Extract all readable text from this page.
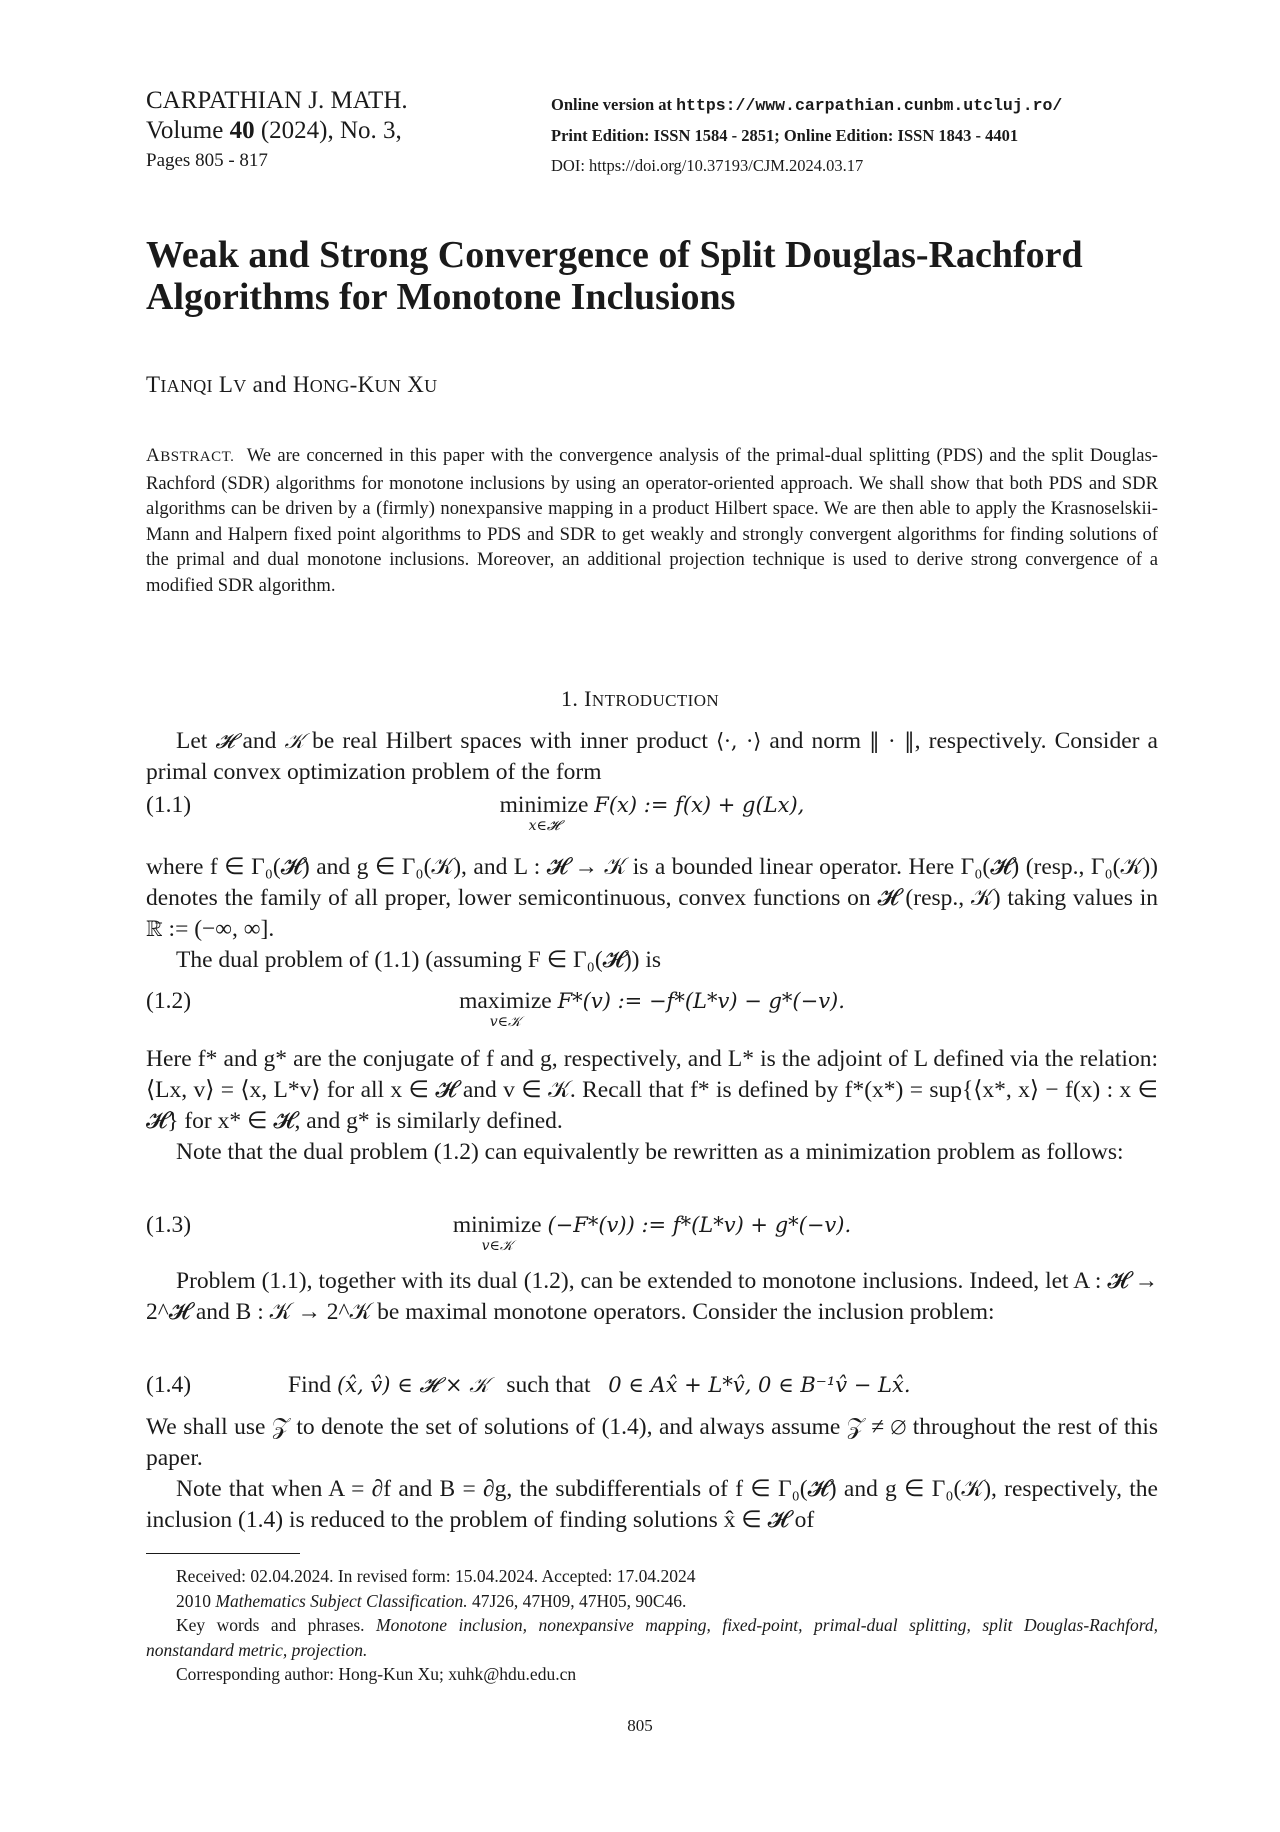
CARPATHIAN J. MATH.
Volume 40 (2024), No. 3,
Pages 805 - 817
Online version at https://www.carpathian.cunbm.utcluj.ro/
Print Edition: ISSN 1584 - 2851; Online Edition: ISSN 1843 - 4401
DOI: https://doi.org/10.37193/CJM.2024.03.17
Weak and Strong Convergence of Split Douglas-Rachford Algorithms for Monotone Inclusions
TIANQI LV and HONG-KUN XU
ABSTRACT. We are concerned in this paper with the convergence analysis of the primal-dual splitting (PDS) and the split Douglas-Rachford (SDR) algorithms for monotone inclusions by using an operator-oriented approach. We shall show that both PDS and SDR algorithms can be driven by a (firmly) nonexpansive mapping in a product Hilbert space. We are then able to apply the Krasnoselskii-Mann and Halpern fixed point algorithms to PDS and SDR to get weakly and strongly convergent algorithms for finding solutions of the primal and dual monotone inclusions. Moreover, an additional projection technique is used to derive strong convergence of a modified SDR algorithm.
1. INTRODUCTION

Let 𝓗 and 𝒦 be real Hilbert spaces with inner product ⟨·, ·⟩ and norm ‖ · ‖, respectively. Consider a primal convex optimization problem of the form

(1.1)	minimize
x∈𝓗
F(x) := f(x) + g(Lx),

where f ∈ Γ₀(𝓗) and g ∈ Γ₀(𝒦), and L : 𝓗 → 𝒦 is a bounded linear operator. Here Γ₀(𝓗) (resp., Γ₀(𝒦)) denotes the family of all proper, lower semicontinuous, convex functions on 𝓗 (resp., 𝒦) taking values in ℝ̄ := (−∞, ∞].

The dual problem of (1.1) (assuming F ∈ Γ₀(𝓗)) is

(1.2)	maximize
v∈𝒦
F*(v) := −f*(L*v) − g*(−v).

Here f* and g* are the conjugate of f and g, respectively, and L* is the adjoint of L defined via the relation: ⟨Lx, v⟩ = ⟨x, L*v⟩ for all x ∈ 𝓗 and v ∈ 𝒦. Recall that f* is defined by f*(x*) = sup{⟨x*, x⟩ − f(x) : x ∈ 𝓗} for x* ∈ 𝓗, and g* is similarly defined.

Note that the dual problem (1.2) can equivalently be rewritten as a minimization problem as follows:

(1.3)	minimize
v∈𝒦
(−F*(v)) := f*(L*v) + g*(−v).

Problem (1.1), together with its dual (1.2), can be extended to monotone inclusions. Indeed, let A : 𝓗 → 2^𝓗 and B : 𝒦 → 2^𝒦 be maximal monotone operators. Consider the inclusion problem:

(1.4)	Find (x̂, v̂) ∈ 𝓗 × 𝒦 such that 0 ∈ Ax̂ + L*v̂, 0 ∈ B⁻¹v̂ − Lx̂.

We shall use 𝒵 to denote the set of solutions of (1.4), and always assume 𝒵 ≠ ∅ throughout the rest of this paper.

Note that when A = ∂f and B = ∂g, the subdifferentials of f ∈ Γ₀(𝓗) and g ∈ Γ₀(𝒦), respectively, the inclusion (1.4) is reduced to the problem of finding solutions x̂ ∈ 𝓗 of

Received: 02.04.2024. In revised form: 15.04.2024. Accepted: 17.04.2024
2010 Mathematics Subject Classification. 47J26, 47H09, 47H05, 90C46.
Key words and phrases. Monotone inclusion, nonexpansive mapping, fixed-point, primal-dual splitting, split Douglas-Rachford, nonstandard metric, projection.
Corresponding author: Hong-Kun Xu; xuhk@hdu.edu.cn
805
